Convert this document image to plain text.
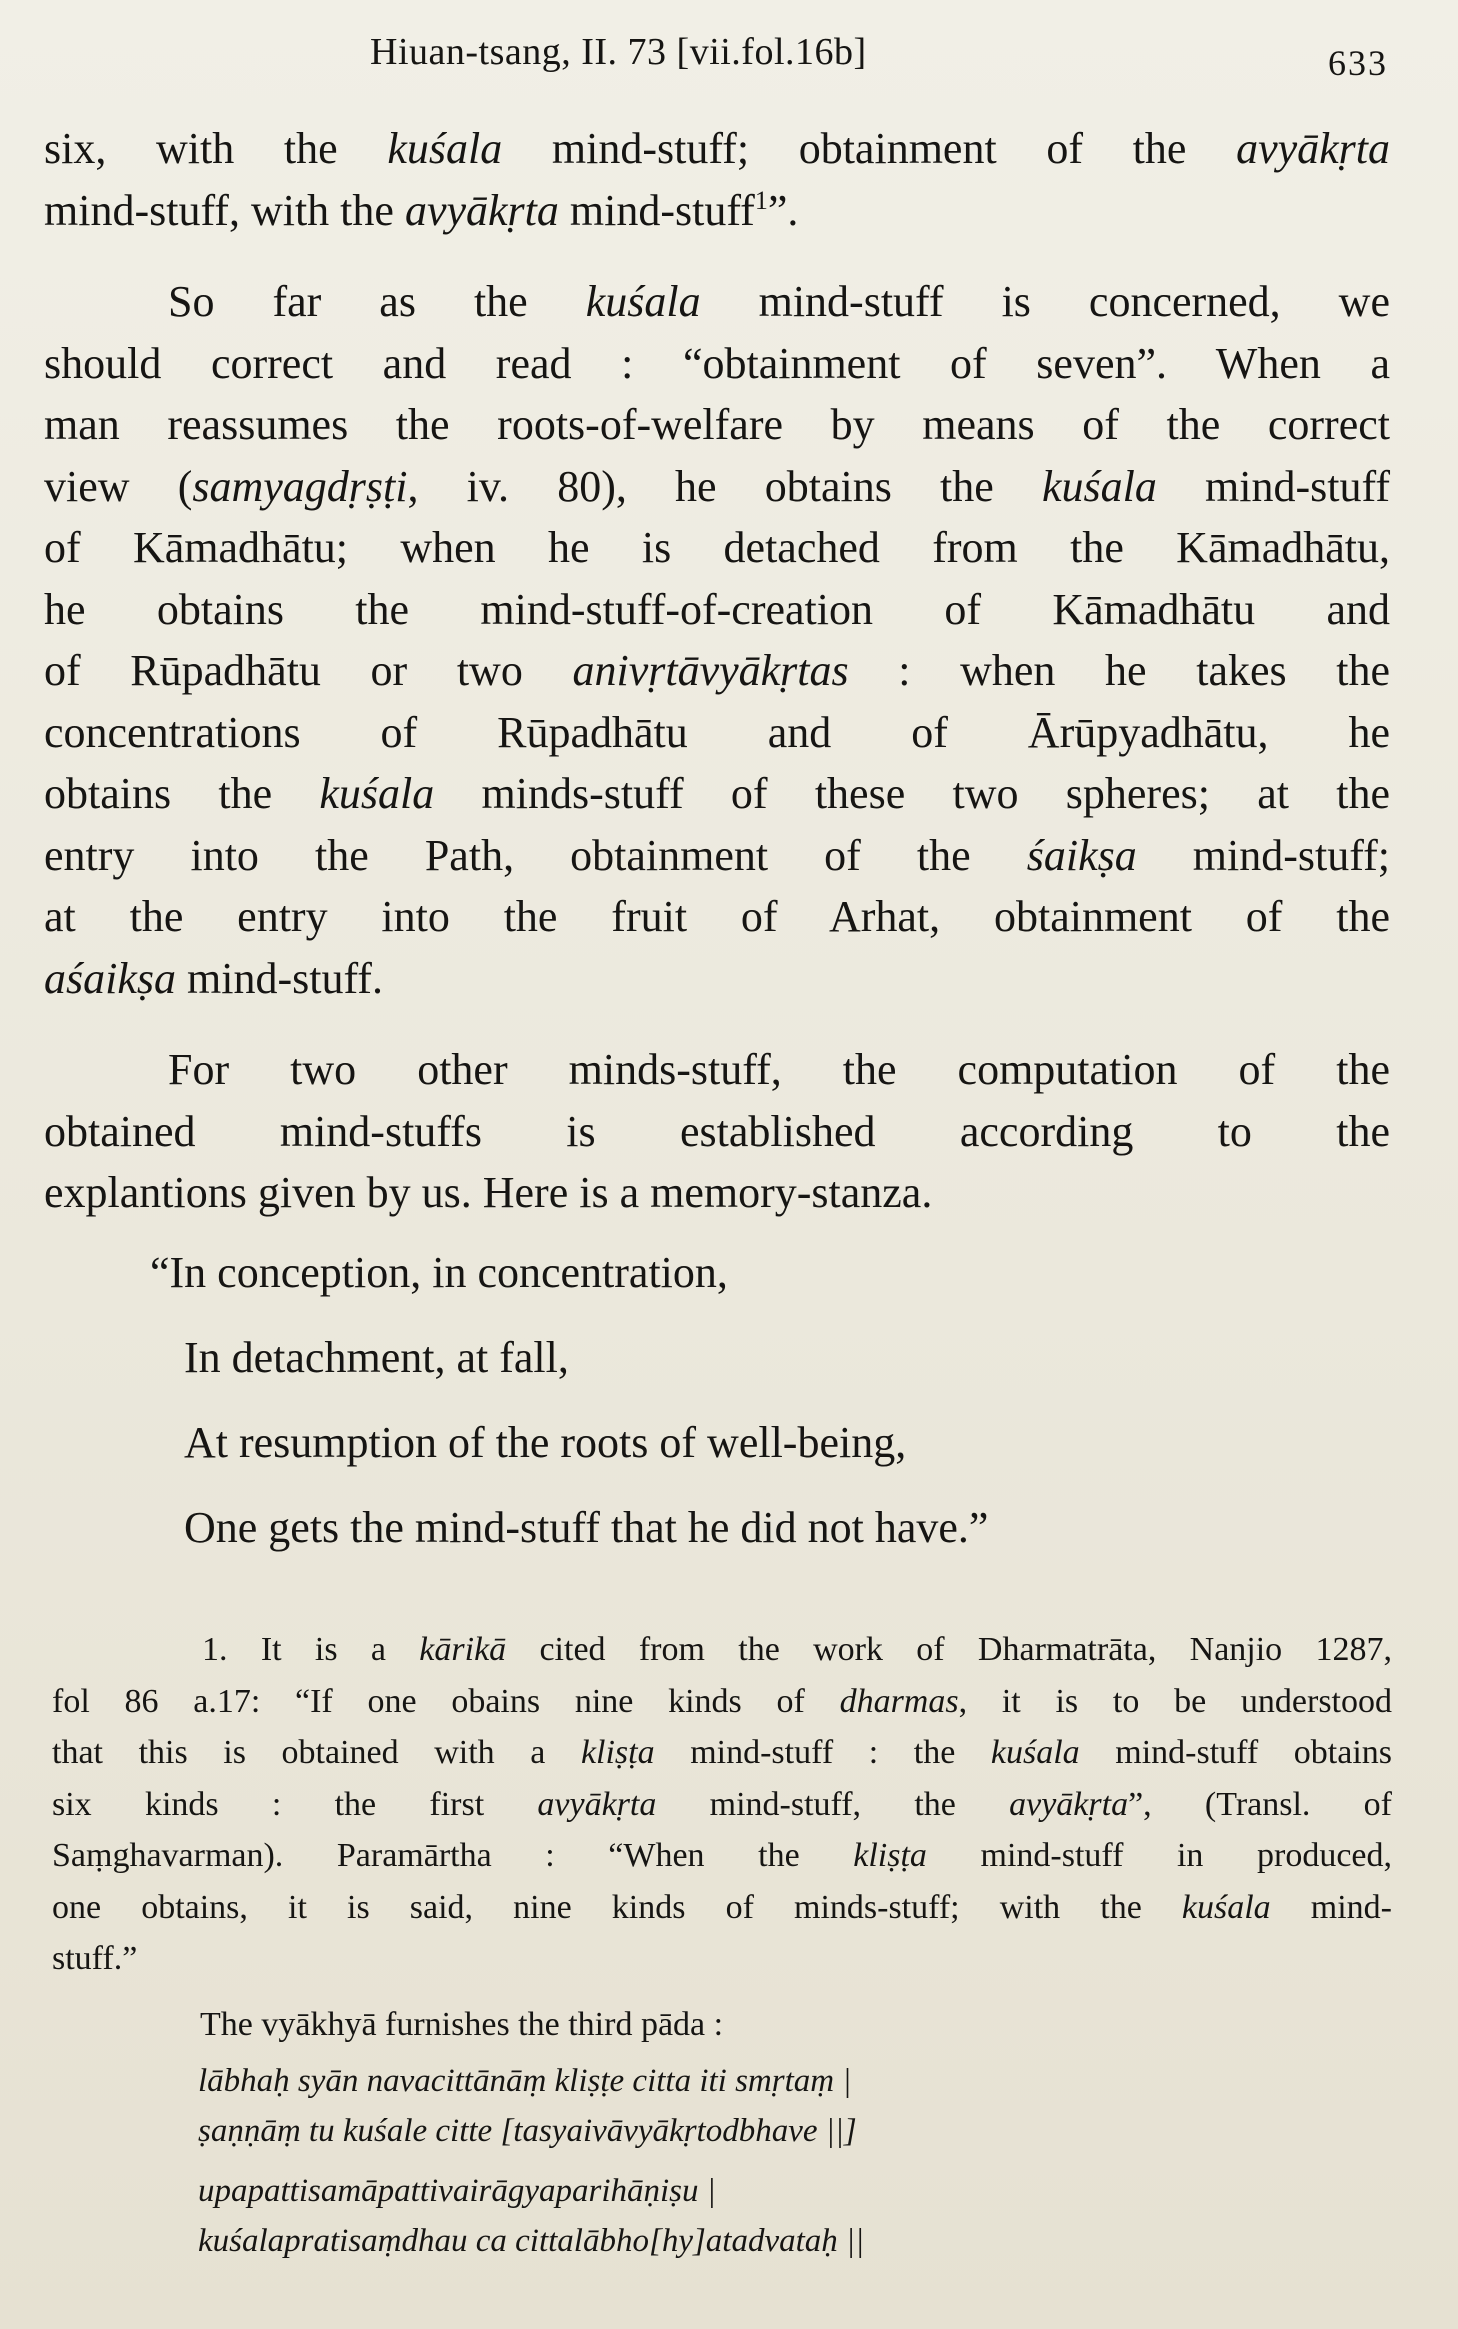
Hiuan-tsang, II. 73 [vii.fol.16b]	633
six, with the kuśala mind-stuff; obtainment of the avyākṛta
mind-stuff, with the avyākṛta mind-stuff$^1$”.
So far as the kuśala mind-stuff is concerned, we
should correct and read : “obtainment of seven”. When a
man reassumes the roots-of-welfare by means of the correct
view (samyagdṛṣṭi, iv. 80), he obtains the kuśala mind-stuff
of Kāmadhātu; when he is detached from the Kāmadhātu,
he obtains the mind-stuff-of-creation of Kāmadhātu and
of Rūpadhātu or two anivṛtāvyākṛtas : when he takes the
concentrations of Rūpadhātu and of Ārūpyadhātu, he
obtains the kuśala minds-stuff of these two spheres; at the
entry into the Path, obtainment of the śaikṣa mind-stuff;
at the entry into the fruit of Arhat, obtainment of the
aśaikṣa mind-stuff.
For two other minds-stuff, the computation of the
obtained mind-stuffs is established according to the
explantions given by us. Here is a memory-stanza.
“In conception, in concentration,
In detachment, at fall,
At resumption of the roots of well-being,
One gets the mind-stuff that he did not have.”
1. It is a kārikā cited from the work of Dharmatrāta, Nanjio 1287,
fol 86 a.17: “If one obains nine kinds of dharmas, it is to be understood
that this is obtained with a kliṣṭa mind-stuff : the kuśala mind-stuff obtains
six kinds : the first avyākṛta mind-stuff, the avyākṛta”, (Transl. of
Saṃghavarman). Paramārtha : “When the kliṣṭa mind-stuff in produced,
one obtains, it is said, nine kinds of minds-stuff; with the kuśala mind-
stuff.”
The vyākhyā furnishes the third pāda :
lābhaḥ syān navacittānāṃ kliṣṭe citta iti smṛtaṃ |
ṣaṇṇāṃ tu kuśale citte [tasyaivāvyākṛtodbhave ||]
upapattisamāpattivairāgyaparihāṇiṣu |
kuśalapratisaṃdhau ca cittalābho[hy]atadvataḥ ||
